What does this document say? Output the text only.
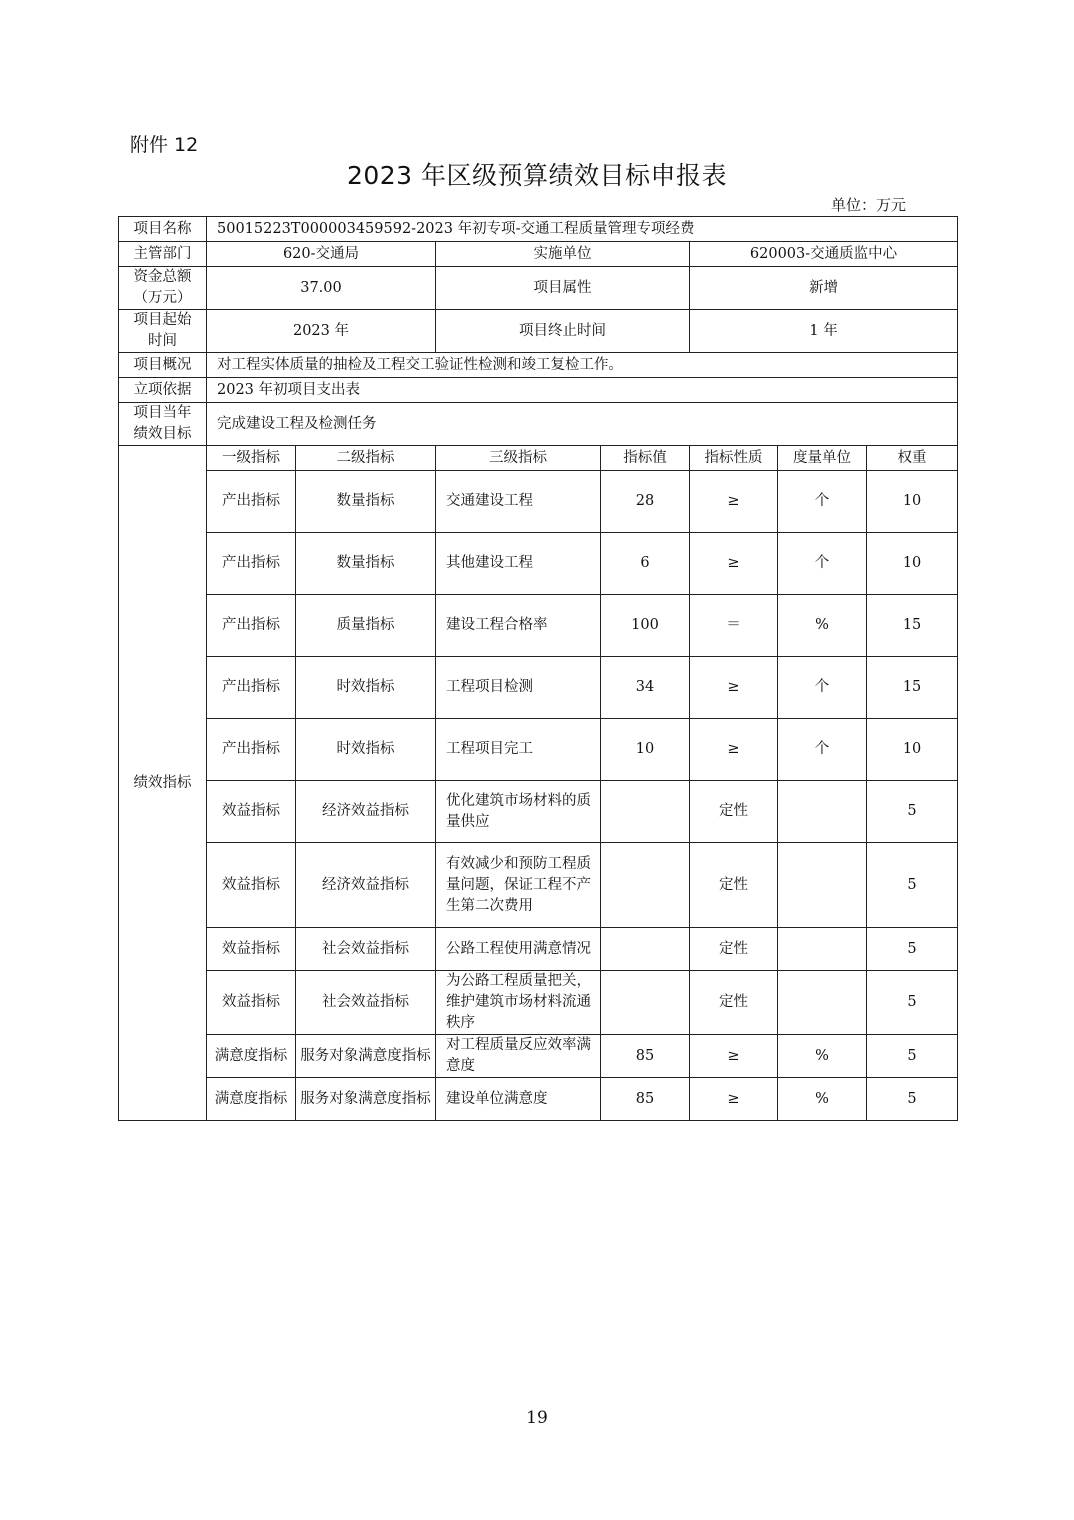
附件 12
2023 年区级预算绩效目标申报表
单位：万元
项目名称	50015223T000003459592-2023 年初专项-交通工程质量管理专项经费						
主管部门	620-交通局		实施单位		620003-交通质监中心		
资金总额
（万元）	37.00		项目属性		新增		
项目起始
时间	2023 年		项目终止时间		1 年		
项目概况	对工程实体质量的抽检及工程交工验证性检测和竣工复检工作。						
立项依据	2023 年初项目支出表						
项目当年
绩效目标	完成建设工程及检测任务						
绩效指标	一级指标	二级指标	三级指标	指标值	指标性质	度量单位	权重
	产出指标	数量指标	交通建设工程	28	≥	个	10
	产出指标	数量指标	其他建设工程	6	≥	个	10
	产出指标	质量指标	建设工程合格率	100	＝	%	15
	产出指标	时效指标	工程项目检测	34	≥	个	15
	产出指标	时效指标	工程项目完工	10	≥	个	10
	效益指标	经济效益指标	优化建筑市场材料的质量供应		定性		5
	效益指标	经济效益指标	有效减少和预防工程质量问题，保证工程不产生第二次费用		定性		5
	效益指标	社会效益指标	公路工程使用满意情况		定性		5
	效益指标	社会效益指标	为公路工程质量把关，维护建筑市场材料流通秩序		定性		5
	满意度指标	服务对象满意度指标	对工程质量反应效率满意度	85	≥	%	5
	满意度指标	服务对象满意度指标	建设单位满意度	85	≥	%	5
19
